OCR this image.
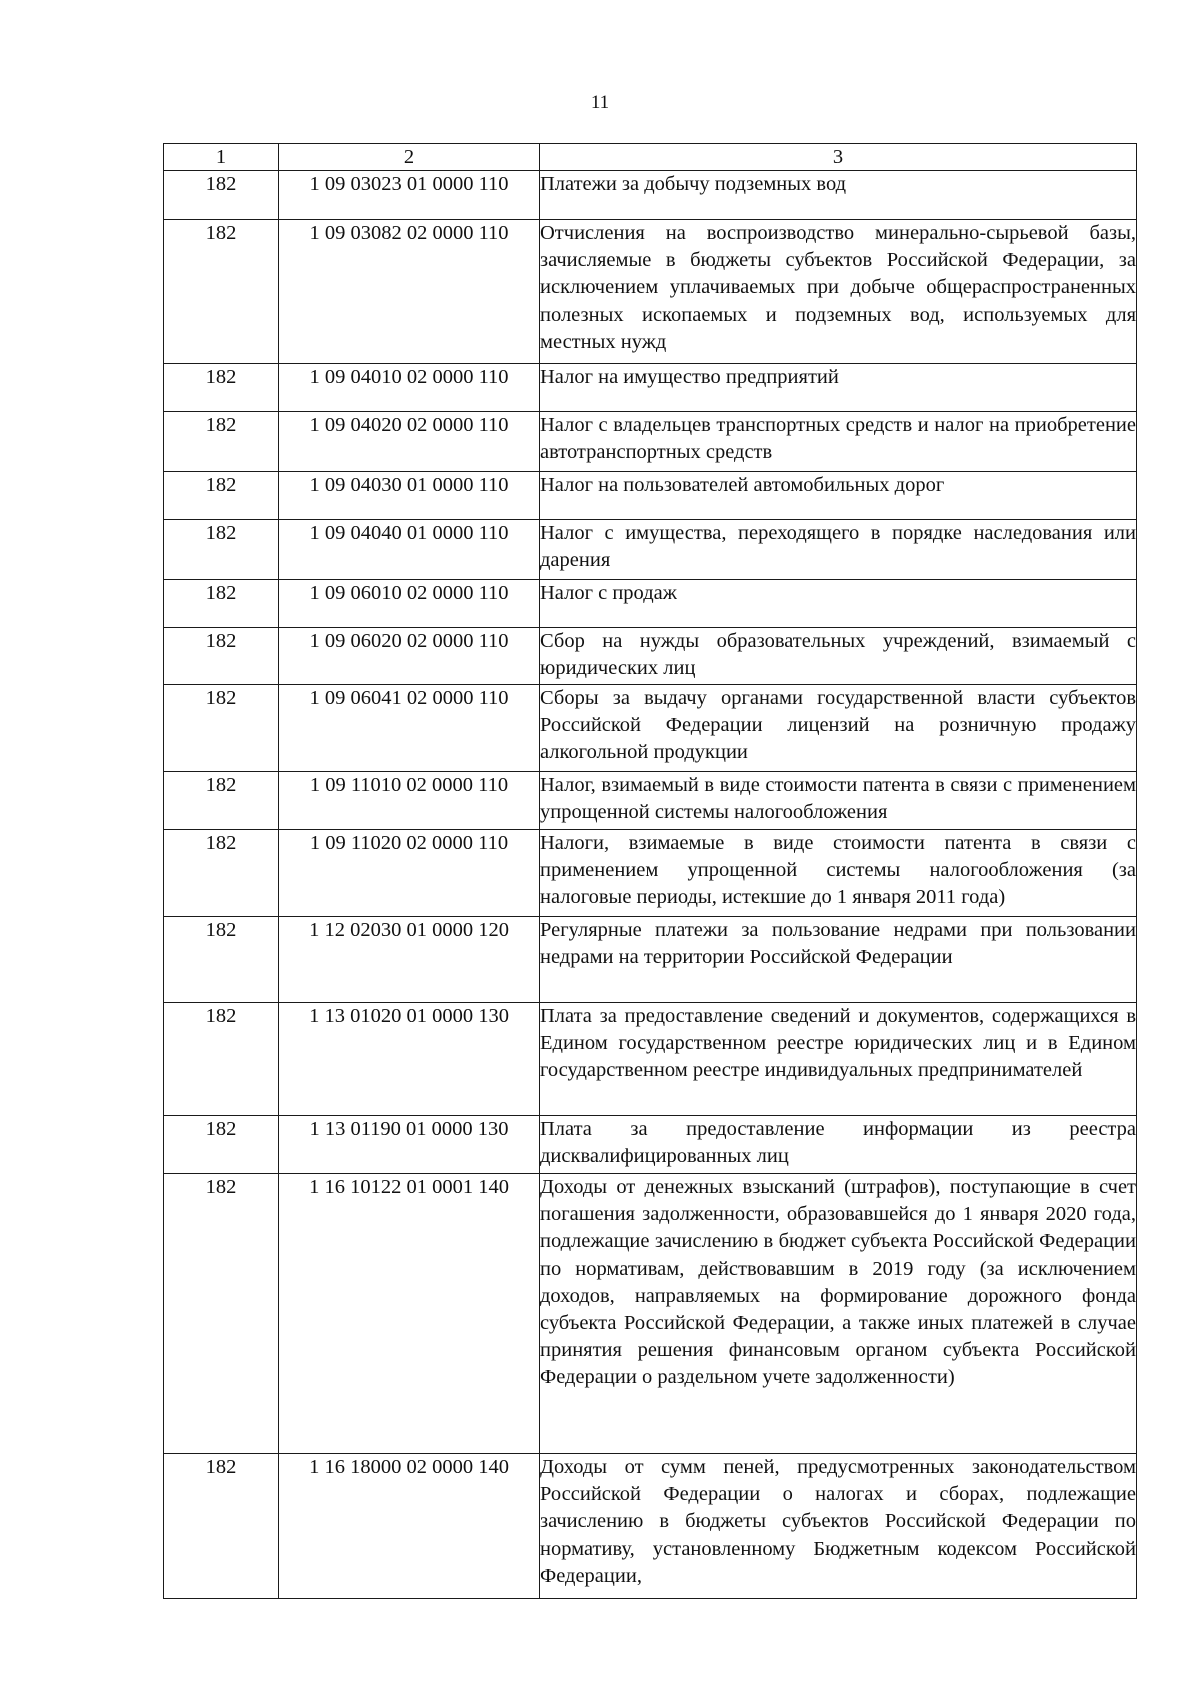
11
1	2	3
182	1 09 03023 01 0000 110	Платежи за добычу подземных вод
182	1 09 03082 02 0000 110	Отчисления на воспроизводство минерально-сырьевой базы, зачисляемые в бюджеты субъектов Российской Федерации, за исключением уплачиваемых при добыче общераспространенных полезных ископаемых и подземных вод, используемых для местных нужд
182	1 09 04010 02 0000 110	Налог на имущество предприятий
182	1 09 04020 02 0000 110	Налог с владельцев транспортных средств и налог на приобретение автотранспортных средств
182	1 09 04030 01 0000 110	Налог на пользователей автомобильных дорог
182	1 09 04040 01 0000 110	Налог с имущества, переходящего в порядке наследования или дарения
182	1 09 06010 02 0000 110	Налог с продаж
182	1 09 06020 02 0000 110	Сбор на нужды образовательных учреждений, взимаемый с юридических лиц
182	1 09 06041 02 0000 110	Сборы за выдачу органами государственной власти субъектов Российской Федерации лицензий на розничную продажу алкогольной продукции
182	1 09 11010 02 0000 110	Налог, взимаемый в виде стоимости патента в связи с применением упрощенной системы налогообложения
182	1 09 11020 02 0000 110	Налоги, взимаемые в виде стоимости патента в связи с применением упрощенной системы налогообложения (за налоговые периоды, истекшие до 1 января 2011 года)
182	1 12 02030 01 0000 120	Регулярные платежи за пользование недрами при пользовании недрами на территории Российской Федерации
182	1 13 01020 01 0000 130	Плата за предоставление сведений и документов, содержащихся в Едином государственном реестре юридических лиц и в Едином государственном реестре индивидуальных предпринимателей
182	1 13 01190 01 0000 130	Плата за предоставление информации из реестра дисквалифицированных лиц
182	1 16 10122 01 0001 140	Доходы от денежных взысканий (штрафов), поступающие в счет погашения задолженности, образовавшейся до 1 января 2020 года, подлежащие зачислению в бюджет субъекта Российской Федерации по нормативам, действовавшим в 2019 году (за исключением доходов, направляемых на формирование дорожного фонда субъекта Российской Федерации, а также иных платежей в случае принятия решения финансовым органом субъекта Российской Федерации о раздельном учете задолженности)
182	1 16 18000 02 0000 140	Доходы от сумм пеней, предусмотренных законодательством Российской Федерации о налогах и сборах, подлежащие зачислению в бюджеты субъектов Российской Федерации по нормативу, установленному Бюджетным кодексом Российской Федерации,
